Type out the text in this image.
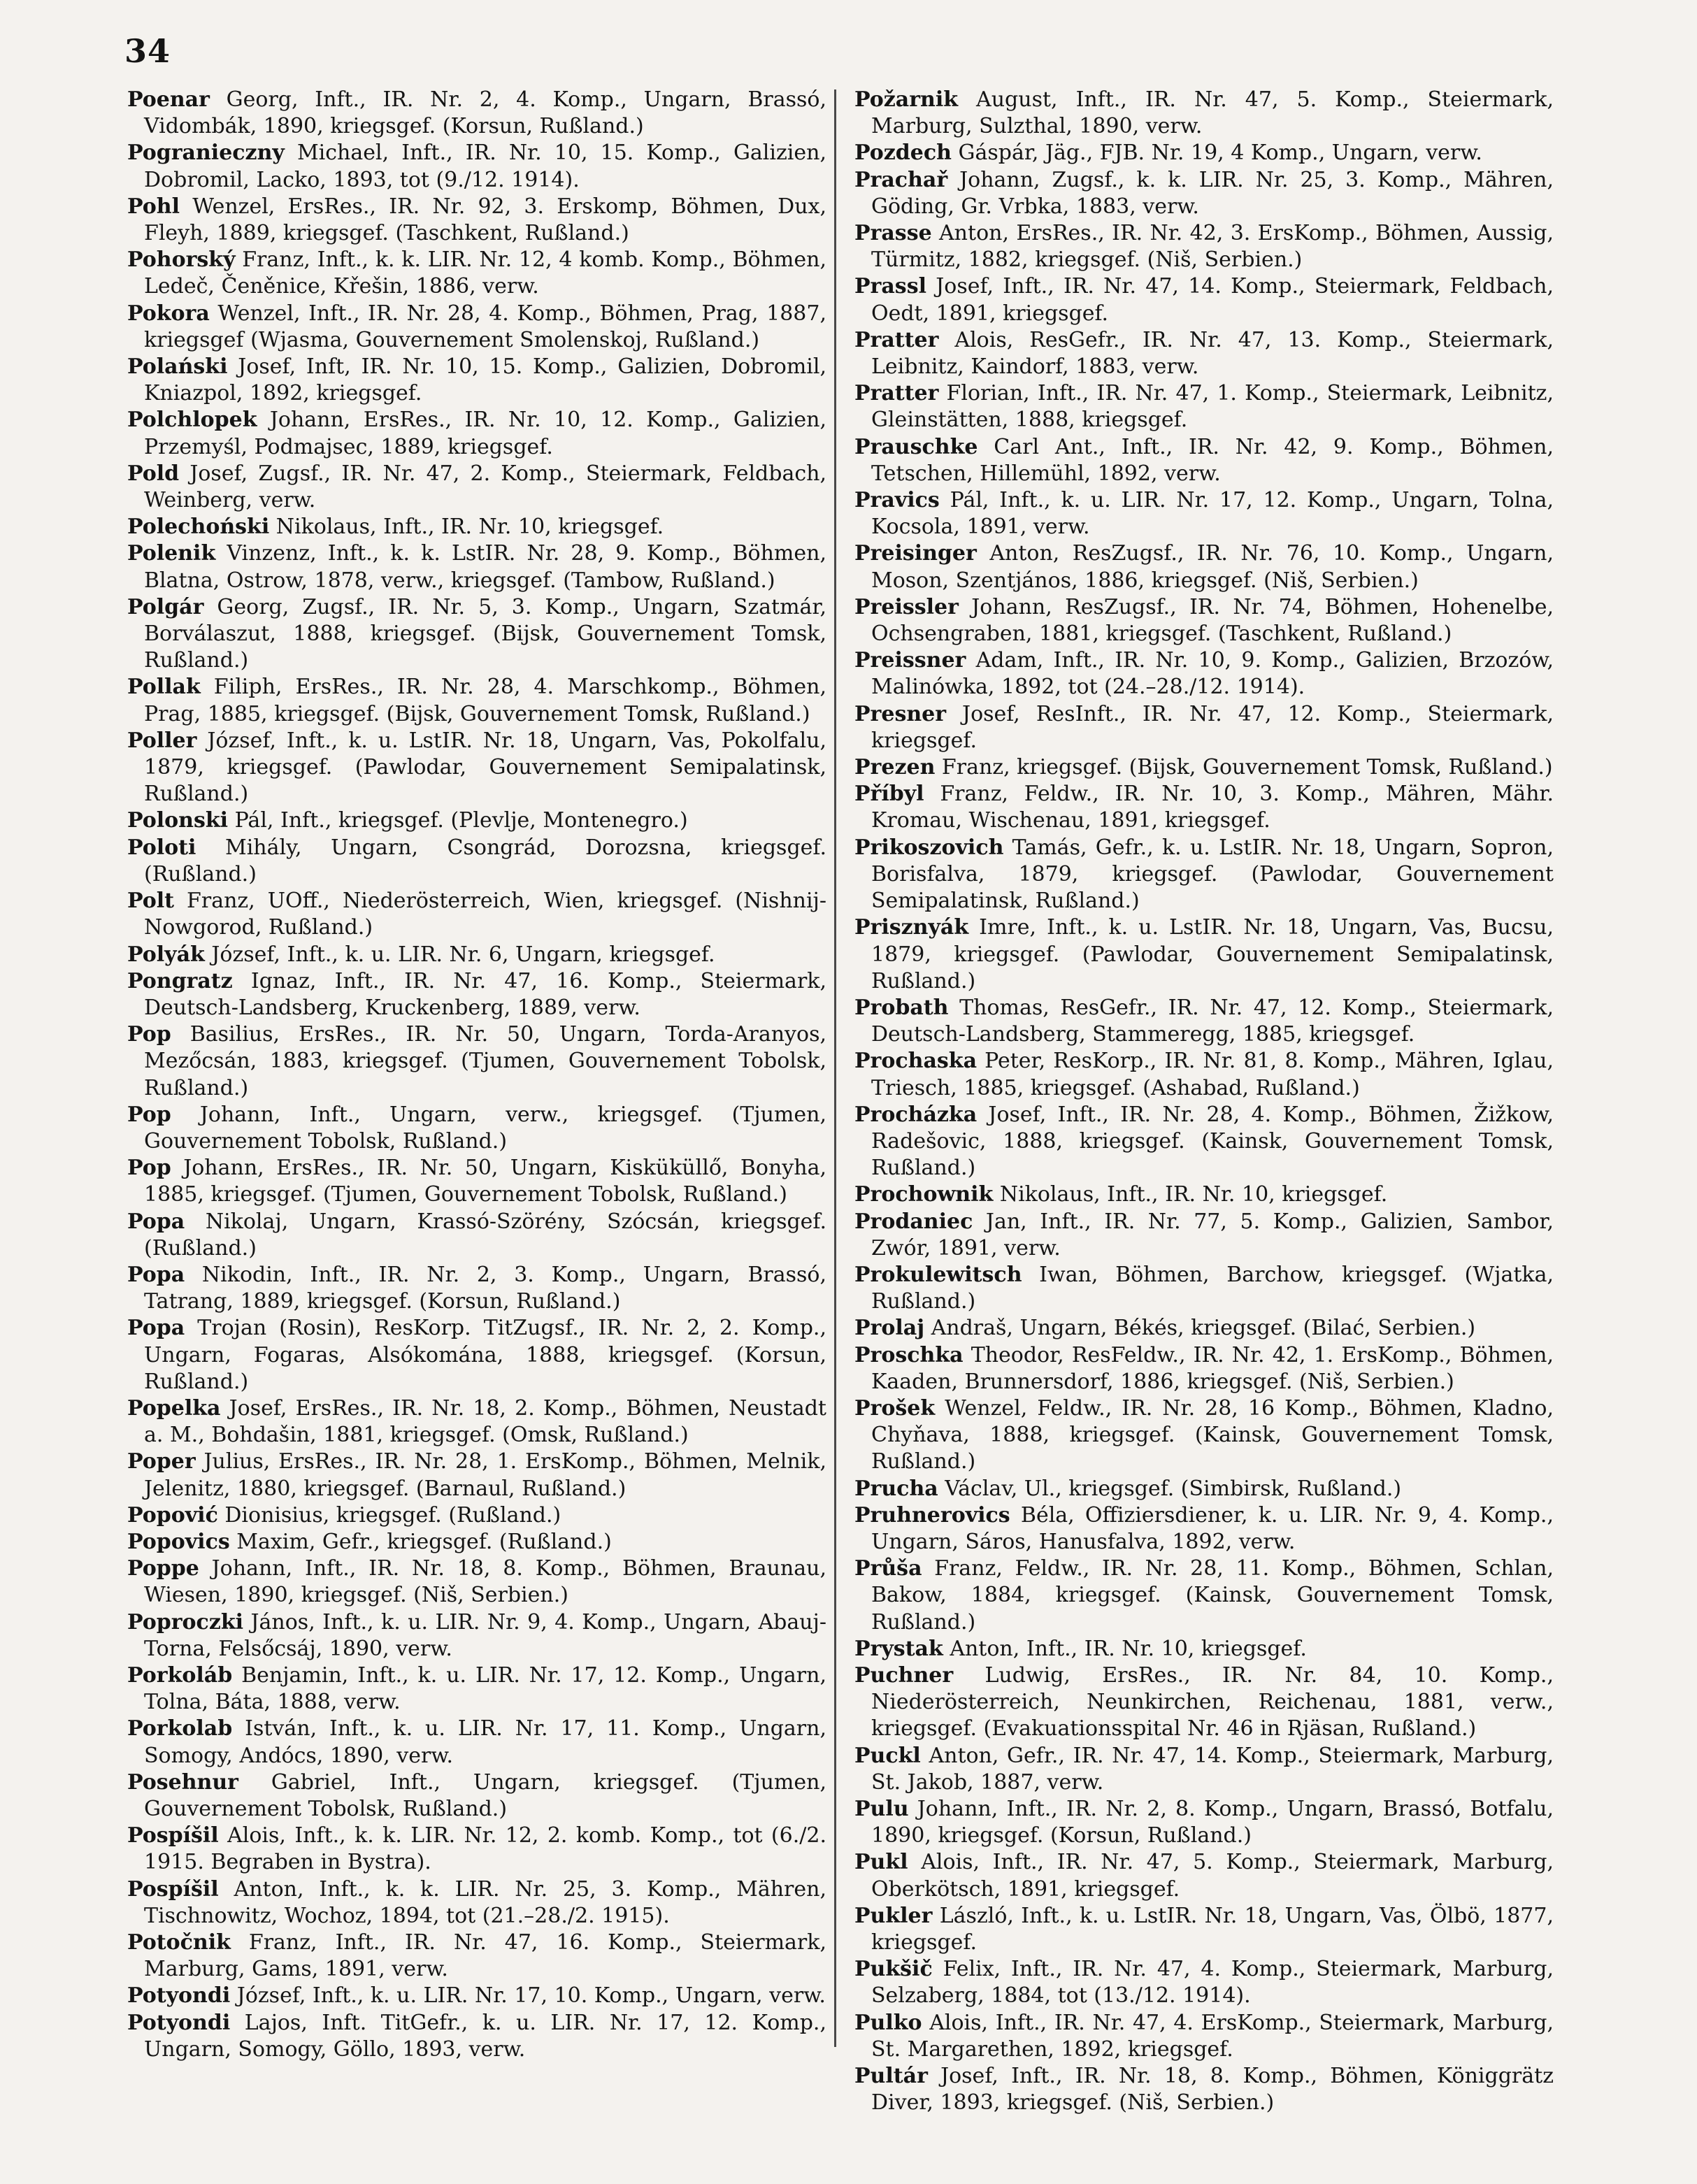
34

Poenar Georg, Inft., IR. Nr. 2, 4. Komp., Ungarn, Brassó, Vidombák, 1890, kriegsgef. (Korsun, Rußland.)

Pogranieczny Michael, Inft., IR. Nr. 10, 15. Komp., Galizien, Dobromil, Lacko, 1893, tot (9./12. 1914).

Pohl Wenzel, ErsRes., IR. Nr. 92, 3. Erskomp, Böhmen, Dux, Fleyh, 1889, kriegsgef. (Taschkent, Rußland.)

Pohorský Franz, Inft., k. k. LIR. Nr. 12, 4 komb. Komp., Böhmen, Ledeč, Čeněnice, Křešin, 1886, verw.

Pokora Wenzel, Inft., IR. Nr. 28, 4. Komp., Böhmen, Prag, 1887, kriegsgef (Wjasma, Gouvernement Smolenskoj, Rußland.)

Polański Josef, Inft, IR. Nr. 10, 15. Komp., Galizien, Dobromil, Kniazpol, 1892, kriegsgef.

Polchlopek Johann, ErsRes., IR. Nr. 10, 12. Komp., Galizien, Przemyśl, Podmajsec, 1889, kriegsgef.

Pold Josef, Zugsf., IR. Nr. 47, 2. Komp., Steiermark, Feldbach, Weinberg, verw.

Polechoński Nikolaus, Inft., IR. Nr. 10, kriegsgef.

Polenik Vinzenz, Inft., k. k. LstIR. Nr. 28, 9. Komp., Böhmen, Blatna, Ostrow, 1878, verw., kriegsgef. (Tambow, Rußland.)

Polgár Georg, Zugsf., IR. Nr. 5, 3. Komp., Ungarn, Szatmár, Borválaszut, 1888, kriegsgef. (Bijsk, Gouvernement Tomsk, Rußland.)

Pollak Filiph, ErsRes., IR. Nr. 28, 4. Marschkomp., Böhmen, Prag, 1885, kriegsgef. (Bijsk, Gouvernement Tomsk, Rußland.)

Poller József, Inft., k. u. LstIR. Nr. 18, Ungarn, Vas, Pokolfalu, 1879, kriegsgef. (Pawlodar, Gouvernement Semipalatinsk, Rußland.)

Polonski Pál, Inft., kriegsgef. (Plevlje, Montenegro.)

Poloti Mihály, Ungarn, Csongrád, Dorozsna, kriegsgef. (Rußland.)

Polt Franz, UOff., Niederösterreich, Wien, kriegsgef. (Nishnij-Nowgorod, Rußland.)

Polyák József, Inft., k. u. LIR. Nr. 6, Ungarn, kriegsgef.

Pongratz Ignaz, Inft., IR. Nr. 47, 16. Komp., Steiermark, Deutsch-Landsberg, Kruckenberg, 1889, verw.

Pop Basilius, ErsRes., IR. Nr. 50, Ungarn, Torda-Aranyos, Mezőcsán, 1883, kriegsgef. (Tjumen, Gouvernement Tobolsk, Rußland.)

Pop Johann, Inft., Ungarn, verw., kriegsgef. (Tjumen, Gouvernement Tobolsk, Rußland.)

Pop Johann, ErsRes., IR. Nr. 50, Ungarn, Kisküküllő, Bonyha, 1885, kriegsgef. (Tjumen, Gouvernement Tobolsk, Rußland.)

Popa Nikolaj, Ungarn, Krassó-Szörény, Szócsán, kriegsgef. (Rußland.)

Popa Nikodin, Inft., IR. Nr. 2, 3. Komp., Ungarn, Brassó, Tatrang, 1889, kriegsgef. (Korsun, Rußland.)

Popa Trojan (Rosin), ResKorp. TitZugsf., IR. Nr. 2, 2. Komp., Ungarn, Fogaras, Alsókomána, 1888, kriegsgef. (Korsun, Rußland.)

Popelka Josef, ErsRes., IR. Nr. 18, 2. Komp., Böhmen, Neustadt a. M., Bohdašin, 1881, kriegsgef. (Omsk, Rußland.)

Poper Julius, ErsRes., IR. Nr. 28, 1. ErsKomp., Böhmen, Melnik, Jelenitz, 1880, kriegsgef. (Barnaul, Rußland.)

Popović Dionisius, kriegsgef. (Rußland.)

Popovics Maxim, Gefr., kriegsgef. (Rußland.)

Poppe Johann, Inft., IR. Nr. 18, 8. Komp., Böhmen, Braunau, Wiesen, 1890, kriegsgef. (Niš, Serbien.)

Poproczki János, Inft., k. u. LIR. Nr. 9, 4. Komp., Ungarn, Abauj-Torna, Felsőcsáj, 1890, verw.

Porkoláb Benjamin, Inft., k. u. LIR. Nr. 17, 12. Komp., Ungarn, Tolna, Báta, 1888, verw.

Porkolab István, Inft., k. u. LIR. Nr. 17, 11. Komp., Ungarn, Somogy, Andócs, 1890, verw.

Posehnur Gabriel, Inft., Ungarn, kriegsgef. (Tjumen, Gouvernement Tobolsk, Rußland.)

Pospíšil Alois, Inft., k. k. LIR. Nr. 12, 2. komb. Komp., tot (6./2. 1915. Begraben in Bystra).

Pospíšil Anton, Inft., k. k. LIR. Nr. 25, 3. Komp., Mähren, Tischnowitz, Wochoz, 1894, tot (21.–28./2. 1915).

Potočnik Franz, Inft., IR. Nr. 47, 16. Komp., Steiermark, Marburg, Gams, 1891, verw.

Potyondi József, Inft., k. u. LIR. Nr. 17, 10. Komp., Ungarn, verw.

Potyondi Lajos, Inft. TitGefr., k. u. LIR. Nr. 17, 12. Komp., Ungarn, Somogy, Göllo, 1893, verw.

Požarnik August, Inft., IR. Nr. 47, 5. Komp., Steiermark, Marburg, Sulzthal, 1890, verw.

Pozdech Gáspár, Jäg., FJB. Nr. 19, 4 Komp., Ungarn, verw.

Prachař Johann, Zugsf., k. k. LIR. Nr. 25, 3. Komp., Mähren, Göding, Gr. Vrbka, 1883, verw.

Prasse Anton, ErsRes., IR. Nr. 42, 3. ErsKomp., Böhmen, Aussig, Türmitz, 1882, kriegsgef. (Niš, Serbien.)

Prassl Josef, Inft., IR. Nr. 47, 14. Komp., Steiermark, Feldbach, Oedt, 1891, kriegsgef.

Pratter Alois, ResGefr., IR. Nr. 47, 13. Komp., Steiermark, Leibnitz, Kaindorf, 1883, verw.

Pratter Florian, Inft., IR. Nr. 47, 1. Komp., Steiermark, Leibnitz, Gleinstätten, 1888, kriegsgef.

Prauschke Carl Ant., Inft., IR. Nr. 42, 9. Komp., Böhmen, Tetschen, Hillemühl, 1892, verw.

Pravics Pál, Inft., k. u. LIR. Nr. 17, 12. Komp., Ungarn, Tolna, Kocsola, 1891, verw.

Preisinger Anton, ResZugsf., IR. Nr. 76, 10. Komp., Ungarn, Moson, Szentjános, 1886, kriegsgef. (Niš, Serbien.)

Preissler Johann, ResZugsf., IR. Nr. 74, Böhmen, Hohenelbe, Ochsengraben, 1881, kriegsgef. (Taschkent, Rußland.)

Preissner Adam, Inft., IR. Nr. 10, 9. Komp., Galizien, Brzozów, Malinówka, 1892, tot (24.–28./12. 1914).

Presner Josef, ResInft., IR. Nr. 47, 12. Komp., Steiermark, kriegsgef.

Prezen Franz, kriegsgef. (Bijsk, Gouvernement Tomsk, Rußland.)

Příbyl Franz, Feldw., IR. Nr. 10, 3. Komp., Mähren, Mähr. Kromau, Wischenau, 1891, kriegsgef.

Prikoszovich Tamás, Gefr., k. u. LstIR. Nr. 18, Ungarn, Sopron, Borisfalva, 1879, kriegsgef. (Pawlodar, Gouvernement Semipalatinsk, Rußland.)

Prisznyák Imre, Inft., k. u. LstIR. Nr. 18, Ungarn, Vas, Bucsu, 1879, kriegsgef. (Pawlodar, Gouvernement Semipalatinsk, Rußland.)

Probath Thomas, ResGefr., IR. Nr. 47, 12. Komp., Steiermark, Deutsch-Landsberg, Stammeregg, 1885, kriegsgef.

Prochaska Peter, ResKorp., IR. Nr. 81, 8. Komp., Mähren, Iglau, Triesch, 1885, kriegsgef. (Ashabad, Rußland.)

Procházka Josef, Inft., IR. Nr. 28, 4. Komp., Böhmen, Žižkow, Radešovic, 1888, kriegsgef. (Kainsk, Gouvernement Tomsk, Rußland.)

Prochownik Nikolaus, Inft., IR. Nr. 10, kriegsgef.

Prodaniec Jan, Inft., IR. Nr. 77, 5. Komp., Galizien, Sambor, Zwór, 1891, verw.

Prokulewitsch Iwan, Böhmen, Barchow, kriegsgef. (Wjatka, Rußland.)

Prolaj Andraš, Ungarn, Békés, kriegsgef. (Bilać, Serbien.)

Proschka Theodor, ResFeldw., IR. Nr. 42, 1. ErsKomp., Böhmen, Kaaden, Brunnersdorf, 1886, kriegsgef. (Niš, Serbien.)

Prošek Wenzel, Feldw., IR. Nr. 28, 16 Komp., Böhmen, Kladno, Chyňava, 1888, kriegsgef. (Kainsk, Gouvernement Tomsk, Rußland.)

Prucha Václav, Ul., kriegsgef. (Simbirsk, Rußland.)

Pruhnerovics Béla, Offiziersdiener, k. u. LIR. Nr. 9, 4. Komp., Ungarn, Sáros, Hanusfalva, 1892, verw.

Průša Franz, Feldw., IR. Nr. 28, 11. Komp., Böhmen, Schlan, Bakow, 1884, kriegsgef. (Kainsk, Gouvernement Tomsk, Rußland.)

Prystak Anton, Inft., IR. Nr. 10, kriegsgef.

Puchner Ludwig, ErsRes., IR. Nr. 84, 10. Komp., Niederösterreich, Neunkirchen, Reichenau, 1881, verw., kriegsgef. (Evakuationsspital Nr. 46 in Rjäsan, Rußland.)

Puckl Anton, Gefr., IR. Nr. 47, 14. Komp., Steiermark, Marburg, St. Jakob, 1887, verw.

Pulu Johann, Inft., IR. Nr. 2, 8. Komp., Ungarn, Brassó, Botfalu, 1890, kriegsgef. (Korsun, Rußland.)

Pukl Alois, Inft., IR. Nr. 47, 5. Komp., Steiermark, Marburg, Oberkötsch, 1891, kriegsgef.

Pukler László, Inft., k. u. LstIR. Nr. 18, Ungarn, Vas, Ölbö, 1877, kriegsgef.

Pukšič Felix, Inft., IR. Nr. 47, 4. Komp., Steiermark, Marburg, Selzaberg, 1884, tot (13./12. 1914).

Pulko Alois, Inft., IR. Nr. 47, 4. ErsKomp., Steiermark, Marburg, St. Margarethen, 1892, kriegsgef.

Pultár Josef, Inft., IR. Nr. 18, 8. Komp., Böhmen, Königgrätz Diver, 1893, kriegsgef. (Niš, Serbien.)
